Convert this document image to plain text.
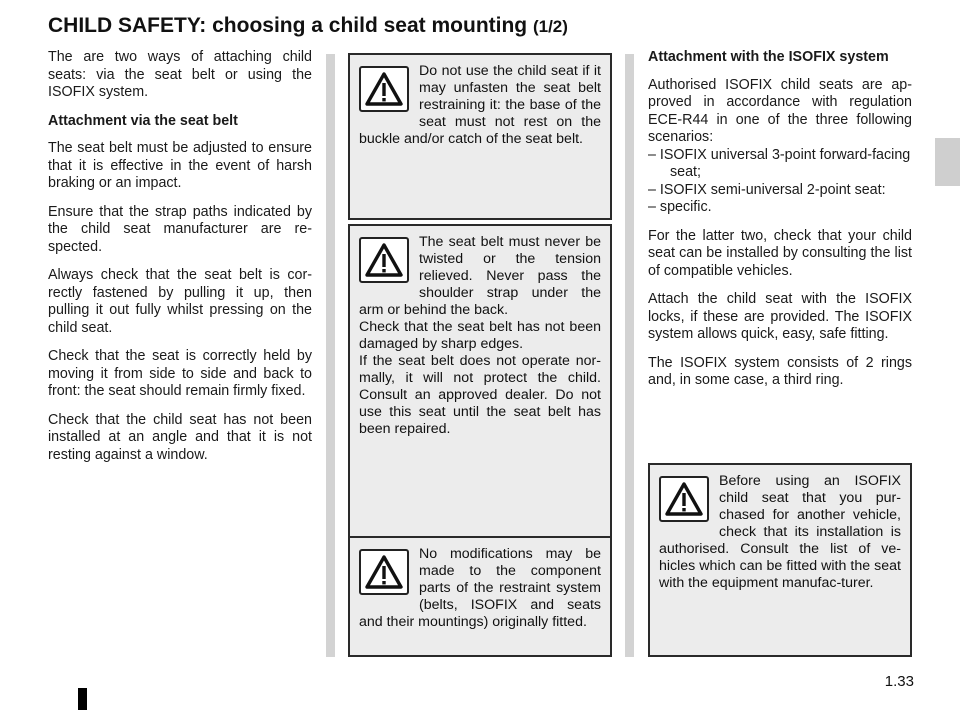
CHILD SAFETY: choosing a child seat mounting (1/2)

The are two ways of attaching child seats: via the seat belt or using the ISOFIX system.

Attachment via the seat belt

The seat belt must be adjusted to ensure that it is effective in the event of harsh braking or an impact.

Ensure that the strap paths indicated by the child seat manufacturer are re-spected.

Always check that the seat belt is cor-rectly fastened by pulling it up, then pulling it out fully whilst pressing on the child seat.

Check that the seat is correctly held by moving it from side to side and back to front: the seat should remain firmly fixed.

Check that the child seat has not been installed at an angle and that it is not resting against a window.

Do not use the child seat if it may unfasten the seat belt restraining it: the base of the seat must not rest on the buckle and/or catch of the seat belt.

The seat belt must never be twisted or the tension relieved. Never pass the shoulder strap under the arm or behind the back.

Check that the seat belt has not been damaged by sharp edges.

If the seat belt does not operate nor-mally, it will not protect the child. Consult an approved dealer. Do not use this seat until the seat belt has been repaired.

No modifications may be made to the component parts of the restraint system (belts, ISOFIX and seats and their mountings) originally fitted.

Attachment with the ISOFIX system

Authorised ISOFIX child seats are ap-proved in accordance with regulation ECE-R44 in one of the three following scenarios:

– ISOFIX universal 3-point forward-facing seat;

– ISOFIX semi-universal 2-point seat:

– specific.

For the latter two, check that your child seat can be installed by consulting the list of compatible vehicles.

Attach the child seat with the ISOFIX locks, if these are provided. The ISOFIX system allows quick, easy, safe fitting.

The ISOFIX system consists of 2 rings and, in some case, a third ring.

Before using an ISOFIX child seat that you pur-chased for another vehicle, check that its installation is authorised. Consult the list of ve-hicles which can be fitted with the seat with the equipment manufac-turer.

1.33
